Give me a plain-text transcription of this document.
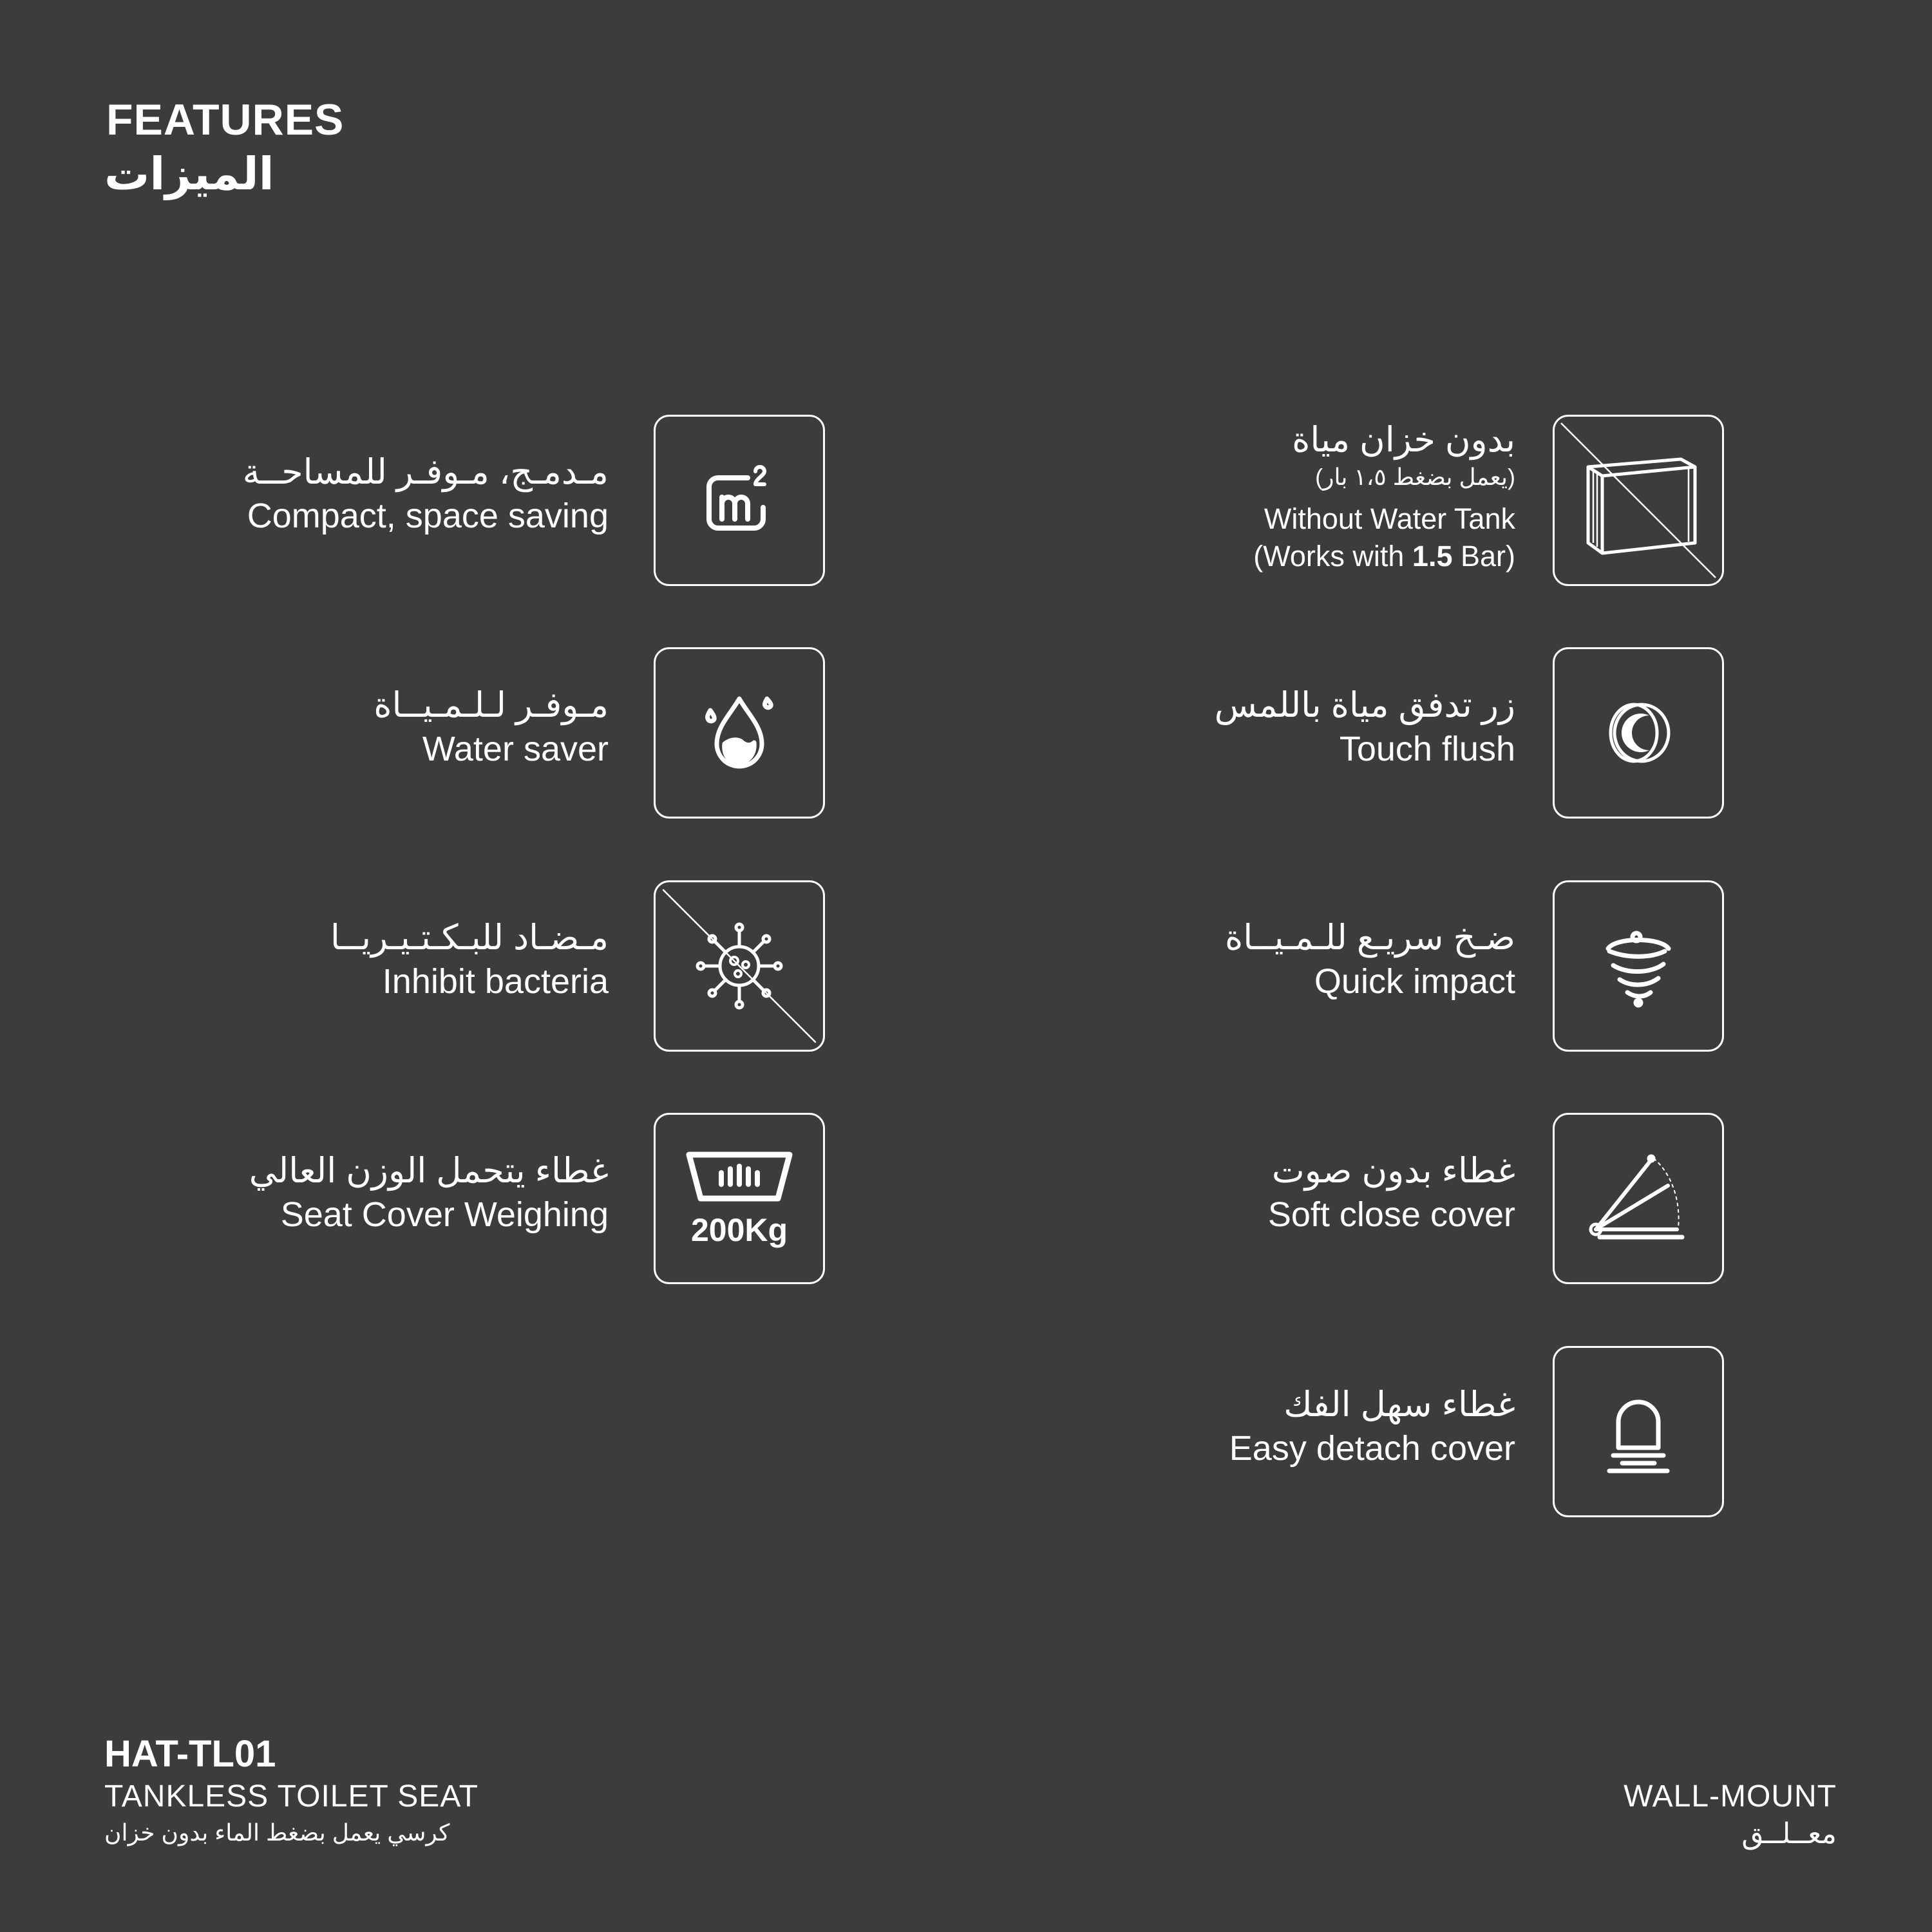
FEATURES
الميزات
مـدمـج، مـوفـر للمساحــة
Compact, space saving
مـوفـر لـلـمـيــاة
Water saver
مـضـاد للبـكـتـيـريــا
Inhibit bacteria
غطاء يتحمل الوزن العالي
Seat Cover Weighing	200Kg
بدون خزان مياة
(يعمل بضغط ١،٥ بار)
Without Water Tank
(Works with 1.5 Bar)
زر تدفق مياة باللمس
Touch flush
ضـخ سريـع للـمـيــاة
Quick impact
غطاء بدون صوت
Soft close cover
غطاء سهل الفك
Easy detach cover
HAT-TL01
TANKLESS TOILET SEAT
كرسي يعمل بضغط الماء بدون خزان
WALL-MOUNT
معــلــق
